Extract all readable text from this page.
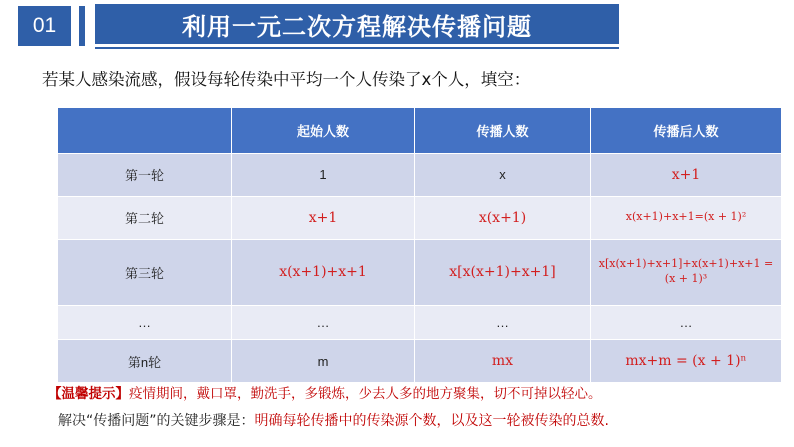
01	利用一元二次方程解决传播问题
若某人感染流感，假设每轮传染中平均一个人传染了x个人，填空：
	起始人数	传播人数	传播后人数
第一轮	1	x	x+1
第二轮	x+1	x(x+1)	x(x+1)+x+1=(x + 1)²
第三轮	x(x+1)+x+1	x[x(x+1)+x+1]	x[x(x+1)+x+1]+x(x+1)+x+1 = (x + 1)³
…	…	…	…
第n轮	m	mx	mx+m = (x + 1)ⁿ
【温馨提示】疫情期间，戴口罩，勤洗手，多锻炼，少去人多的地方聚集，切不可掉以轻心。
解决“传播问题”的关键步骤是：明确每轮传播中的传染源个数，以及这一轮被传染的总数.
